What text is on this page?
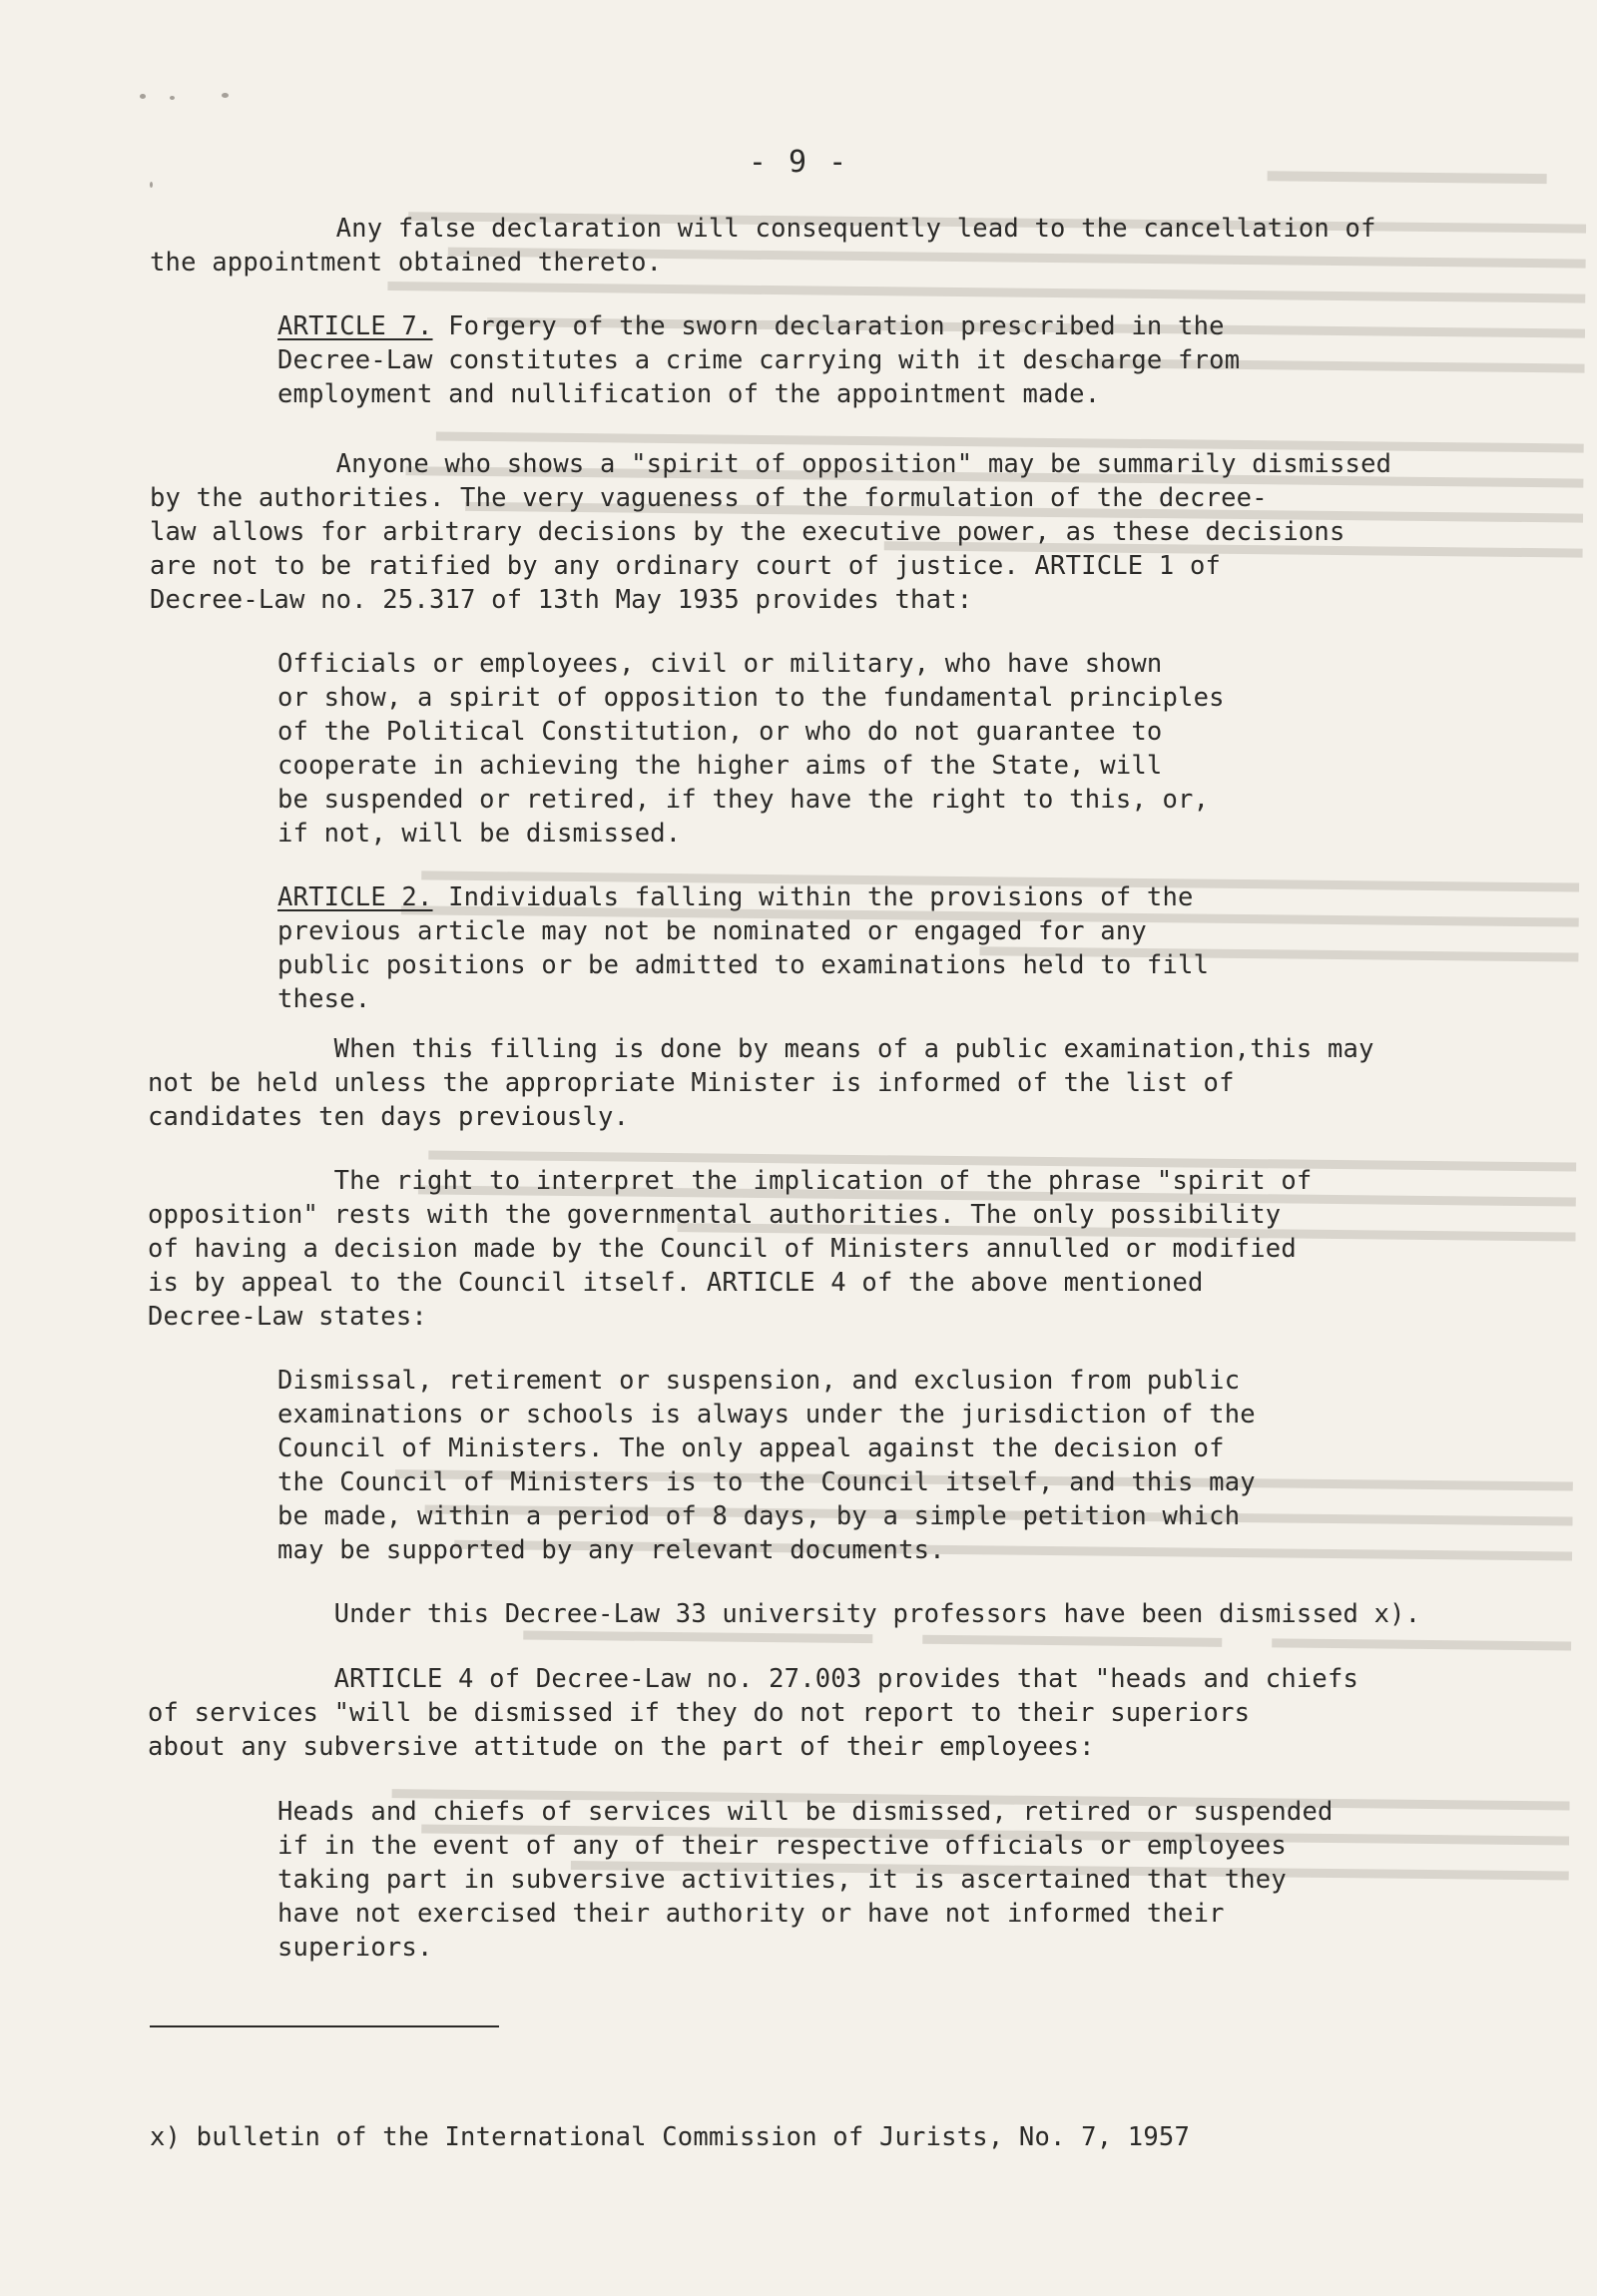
- 9 -
Any false declaration will consequently lead to the cancellation of
the appointment obtained thereto.
ARTICLE 7. Forgery of the sworn declaration prescribed in the
Decree-Law constitutes a crime carrying with it descharge from
employment and nullification of the appointment made.
Anyone who shows a "spirit of opposition" may be summarily dismissed
by the authorities. The very vagueness of the formulation of the decree-
law allows for arbitrary decisions by the executive power, as these decisions
are not to be ratified by any ordinary court of justice. ARTICLE 1 of
Decree-Law no. 25.317 of 13th May 1935 provides that:
Officials or employees, civil or military, who have shown
or show, a spirit of opposition to the fundamental principles
of the Political Constitution, or who do not guarantee to
cooperate in achieving the higher aims of the State, will
be suspended or retired, if they have the right to this, or,
if not, will be dismissed.
ARTICLE 2. Individuals falling within the provisions of the
previous article may not be nominated or engaged for any
public positions or be admitted to examinations held to fill
these.
When this filling is done by means of a public examination,this may
not be held unless the appropriate Minister is informed of the list of
candidates ten days previously.
The right to interpret the implication of the phrase "spirit of
opposition" rests with the governmental authorities. The only possibility
of having a decision made by the Council of Ministers annulled or modified
is by appeal to the Council itself. ARTICLE 4 of the above mentioned
Decree-Law states:
Dismissal, retirement or suspension, and exclusion from public
examinations or schools is always under the jurisdiction of the
Council of Ministers. The only appeal against the decision of
the Council of Ministers is to the Council itself, and this may
be made, within a period of 8 days, by a simple petition which
may be supported by any relevant documents.
Under this Decree-Law 33 university professors have been dismissed x).
ARTICLE 4 of Decree-Law no. 27.003 provides that "heads and chiefs
of services "will be dismissed if they do not report to their superiors
about any subversive attitude on the part of their employees:
Heads and chiefs of services will be dismissed, retired or suspended
if in the event of any of their respective officials or employees
taking part in subversive activities, it is ascertained that they
have not exercised their authority or have not informed their
superiors.
x) bulletin of the International Commission of Jurists, No. 7, 1957
